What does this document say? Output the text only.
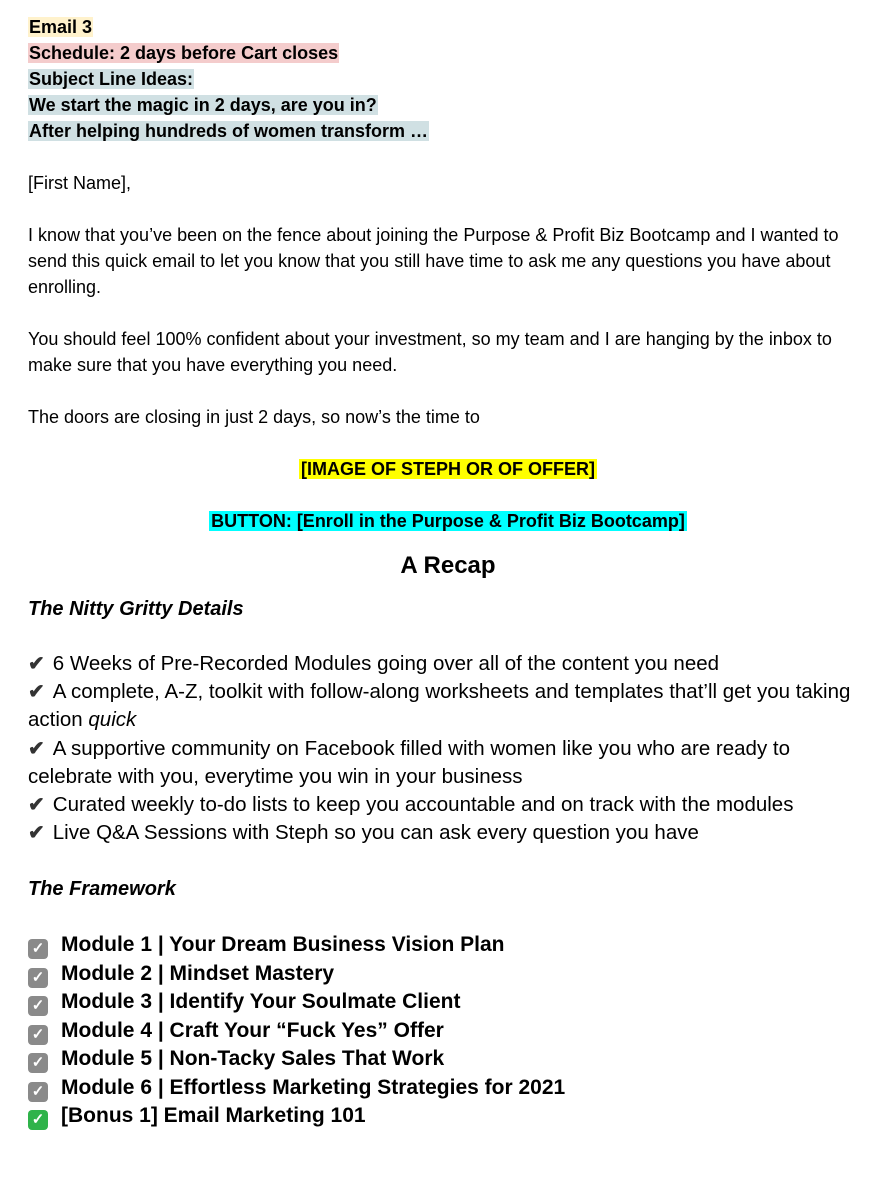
Email 3
Schedule: 2 days before Cart closes
Subject Line Ideas:
We start the magic in 2 days, are you in?
After helping hundreds of women transform …

[First Name],

I know that you’ve been on the fence about joining the Purpose & Profit Biz Bootcamp and I wanted to send this quick email to let you know that you still have time to ask me any questions you have about enrolling.

You should feel 100% confident about your investment, so my team and I are hanging by the inbox to make sure that you have everything you need.

The doors are closing in just 2 days, so now’s the time to

[IMAGE OF STEPH OR OF OFFER]
BUTTON: [Enroll in the Purpose & Profit Biz Bootcamp]
A Recap
The Nitty Gritty Details
✔ 6 Weeks of Pre-Recorded Modules going over all of the content you need
✔ A complete, A-Z, toolkit with follow-along worksheets and templates that’ll get you taking action quick
✔ A supportive community on Facebook filled with women like you who are ready to celebrate with you, everytime you win in your business
✔ Curated weekly to-do lists to keep you accountable and on track with the modules
✔ Live Q&A Sessions with Steph so you can ask every question you have
The Framework
✓ Module 1 | Your Dream Business Vision Plan
✓ Module 2 | Mindset Mastery
✓ Module 3 | Identify Your Soulmate Client
✓ Module 4 | Craft Your “Fuck Yes” Offer
✓ Module 5 | Non-Tacky Sales That Work
✓ Module 6 | Effortless Marketing Strategies for 2021
✓ [Bonus 1] Email Marketing 101
